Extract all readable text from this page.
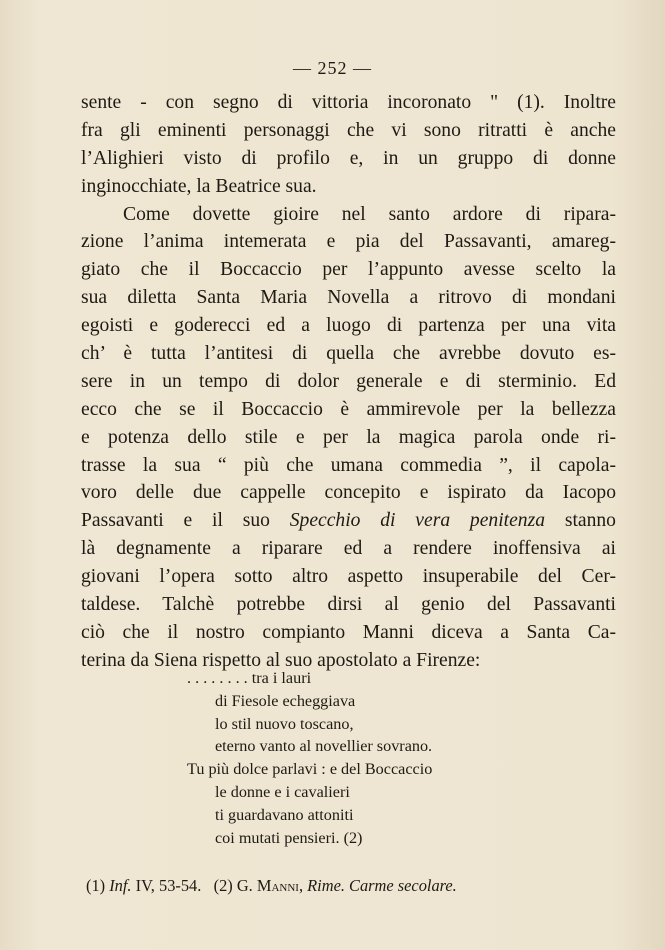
— 252 —
sente - con segno di vittoria incoronato " (1). Inoltre
fra gli eminenti personaggi che vi sono ritratti è anche
l’Alighieri visto di profilo e, in un gruppo di donne
inginocchiate, la Beatrice sua.
Come dovette gioire nel santo ardore di ripara-
zione l’anima intemerata e pia del Passavanti, amareg-
giato che il Boccaccio per l’appunto avesse scelto la
sua diletta Santa Maria Novella a ritrovo di mondani
egoisti e goderecci ed a luogo di partenza per una vita
ch’ è tutta l’antitesi di quella che avrebbe dovuto es-
sere in un tempo di dolor generale e di sterminio. Ed
ecco che se il Boccaccio è ammirevole per la bellezza
e potenza dello stile e per la magica parola onde ri-
trasse la sua “ più che umana commedia ”, il capola-
voro delle due cappelle concepito e ispirato da Iacopo
Passavanti e il suo Specchio di vera penitenza stanno
là degnamente a riparare ed a rendere inoffensiva ai
giovani l’opera sotto altro aspetto insuperabile del Cer-
taldese. Talchè potrebbe dirsi al genio del Passavanti
ciò che il nostro compianto Manni diceva a Santa Ca-
terina da Siena rispetto al suo apostolato a Firenze:
. . . . . . . . tra i lauri
di Fiesole echeggiava
lo stil nuovo toscano,
eterno vanto al novellier sovrano.
Tu più dolce parlavi : e del Boccaccio
le donne e i cavalieri
ti guardavano attoniti
coi mutati pensieri. (2)
(1) Inf. IV, 53-54. (2) G. Manni, Rime. Carme secolare.
